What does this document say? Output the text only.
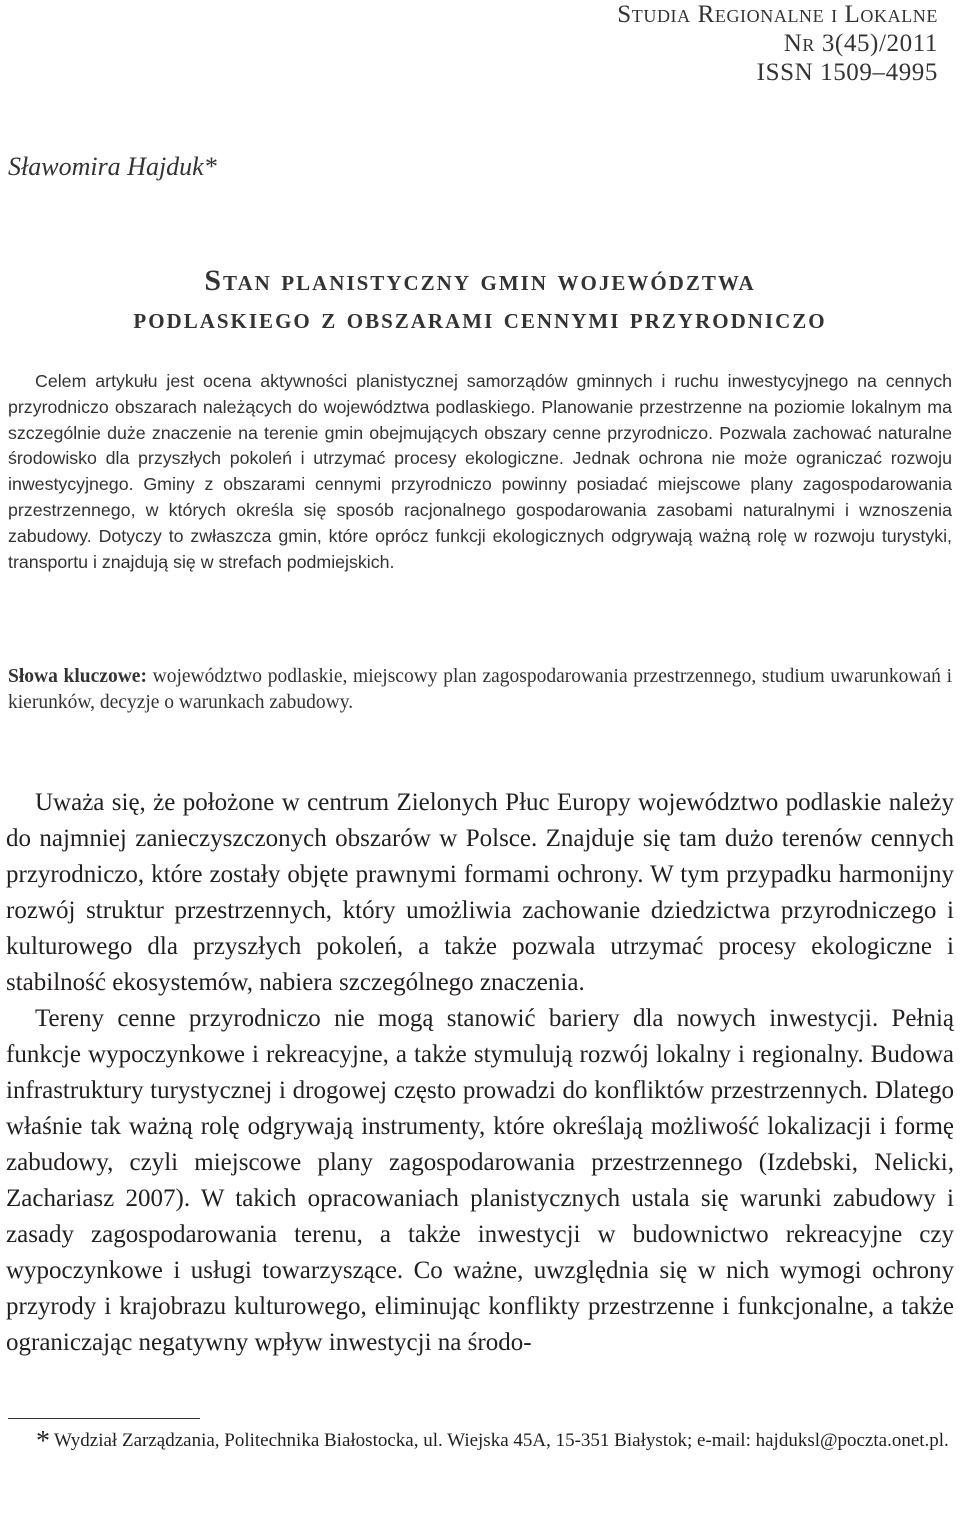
Studia Regionalne i Lokalne
Nr 3(45)/2011
ISSN 1509–4995
Sławomira Hajduk*
Stan planistyczny gmin województwa
podlaskiego z obszarami cennymi przyrodniczo

Celem artykułu jest ocena aktywności planistycznej samorządów gminnych i ruchu inwestycyjnego na cennych przyrodniczo obszarach należących do województwa podlaskiego. Planowanie przestrzenne na poziomie lokalnym ma szczególnie duże znaczenie na terenie gmin obejmujących obszary cenne przyrodniczo. Pozwala zachować naturalne środowisko dla przyszłych pokoleń i utrzymać procesy ekologiczne. Jednak ochrona nie może ograniczać rozwoju inwestycyjnego. Gminy z obszarami cennymi przyrodniczo powinny posiadać miejscowe plany zagospodarowania przestrzennego, w których określa się sposób racjonalnego gospodarowania zasobami naturalnymi i wznoszenia zabudowy. Dotyczy to zwłaszcza gmin, które oprócz funkcji ekologicznych odgrywają ważną rolę w rozwoju turystyki, transportu i znajdują się w strefach podmiejskich.

Słowa kluczowe: województwo podlaskie, miejscowy plan zagospodarowania przestrzennego, studium uwarunkowań i kierunków, decyzje o warunkach zabudowy.

Uważa się, że położone w centrum Zielonych Płuc Europy województwo podlaskie należy do najmniej zanieczyszczonych obszarów w Polsce. Znajduje się tam dużo terenów cennych przyrodniczo, które zostały objęte prawnymi formami ochrony. W tym przypadku harmonijny rozwój struktur przestrzennych, który umożliwia zachowanie dziedzictwa przyrodniczego i kulturowego dla przyszłych pokoleń, a także pozwala utrzymać procesy ekologiczne i stabilność ekosystemów, nabiera szczególnego znaczenia.

Tereny cenne przyrodniczo nie mogą stanowić bariery dla nowych inwestycji. Pełnią funkcje wypoczynkowe i rekreacyjne, a także stymulują rozwój lokalny i regionalny. Budowa infrastruktury turystycznej i drogowej często prowadzi do konfliktów przestrzennych. Dlatego właśnie tak ważną rolę odgrywają instrumenty, które określają możliwość lokalizacji i formę zabudowy, czyli miejscowe plany zagospodarowania przestrzennego (Izdebski, Nelicki, Zachariasz 2007). W takich opracowaniach planistycznych ustala się warunki zabudowy i zasady zagospodarowania terenu, a także inwestycji w budownictwo rekreacyjne czy wypoczynkowe i usługi towarzyszące. Co ważne, uwzględnia się w nich wymogi ochrony przyrody i krajobrazu kulturowego, eliminując konflikty przestrzenne i funkcjonalne, a także ograniczając negatywny wpływ inwestycji na środo-

* Wydział Zarządzania, Politechnika Białostocka, ul. Wiejska 45A, 15-351 Białystok; e-mail: hajduksl@poczta.onet.pl.
